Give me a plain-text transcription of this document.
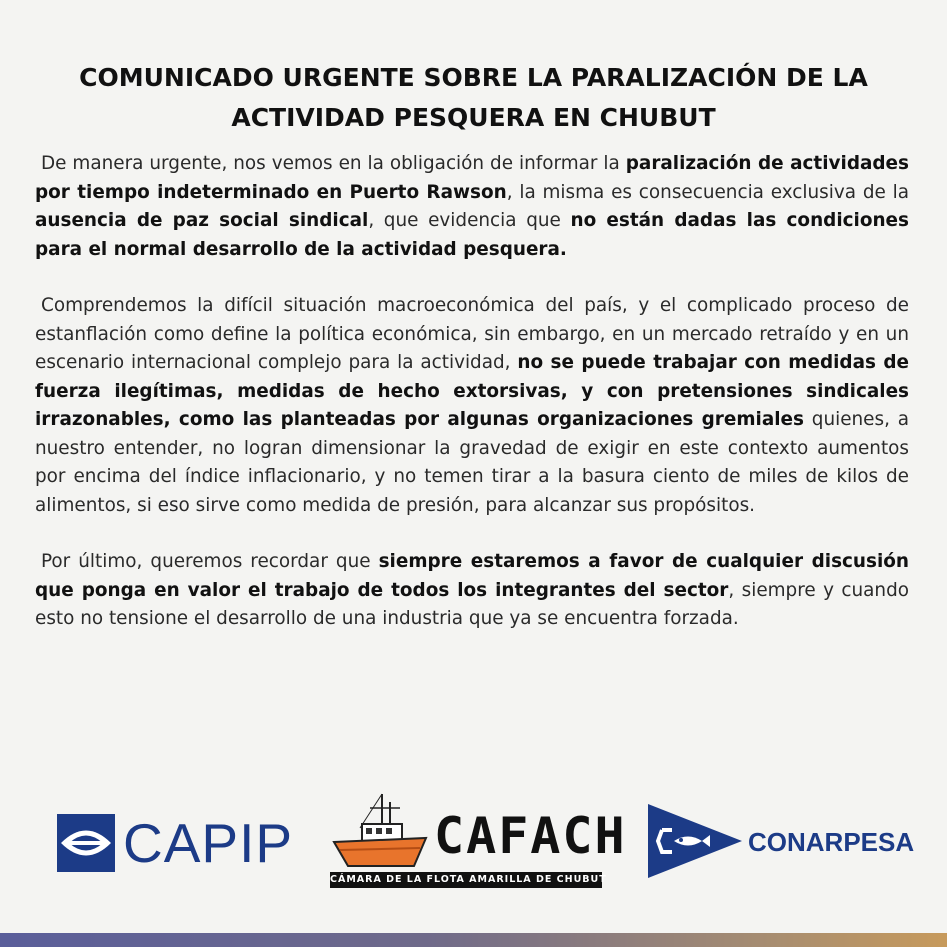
COMUNICADO URGENTE SOBRE LA PARALIZACIÓN DE LA
ACTIVIDAD PESQUERA EN CHUBUT

De manera urgente, nos vemos en la obligación de informar la paralización de actividades por tiempo indeterminado en Puerto Rawson, la misma es consecuencia exclusiva de la ausencia de paz social sindical, que evidencia que no están dadas las condiciones para el normal desarrollo de la actividad pesquera.

Comprendemos la difícil situación macroeconómica del país, y el complicado proceso de estanflación como define la política económica, sin embargo, en un mercado retraído y en un escenario internacional complejo para la actividad, no se puede trabajar con medidas de fuerza ilegítimas, medidas de hecho extorsivas, y con pretensiones sindicales irrazonables, como las planteadas por algunas organizaciones gremiales quienes, a nuestro entender, no logran dimensionar la gravedad de exigir en este contexto aumentos por encima del índice inflacionario, y no temen tirar a la basura ciento de miles de kilos de alimentos, si eso sirve como medida de presión, para alcanzar sus propósitos.

Por último, queremos recordar que siempre estaremos a favor de cualquier discusión que ponga en valor el trabajo de todos los integrantes del sector, siempre y cuando esto no tensione el desarrollo de una industria que ya se encuentra forzada.

CAPIP	CAFACH
CÁMARA DE LA FLOTA AMARILLA DE CHUBUT
CONARPESA
